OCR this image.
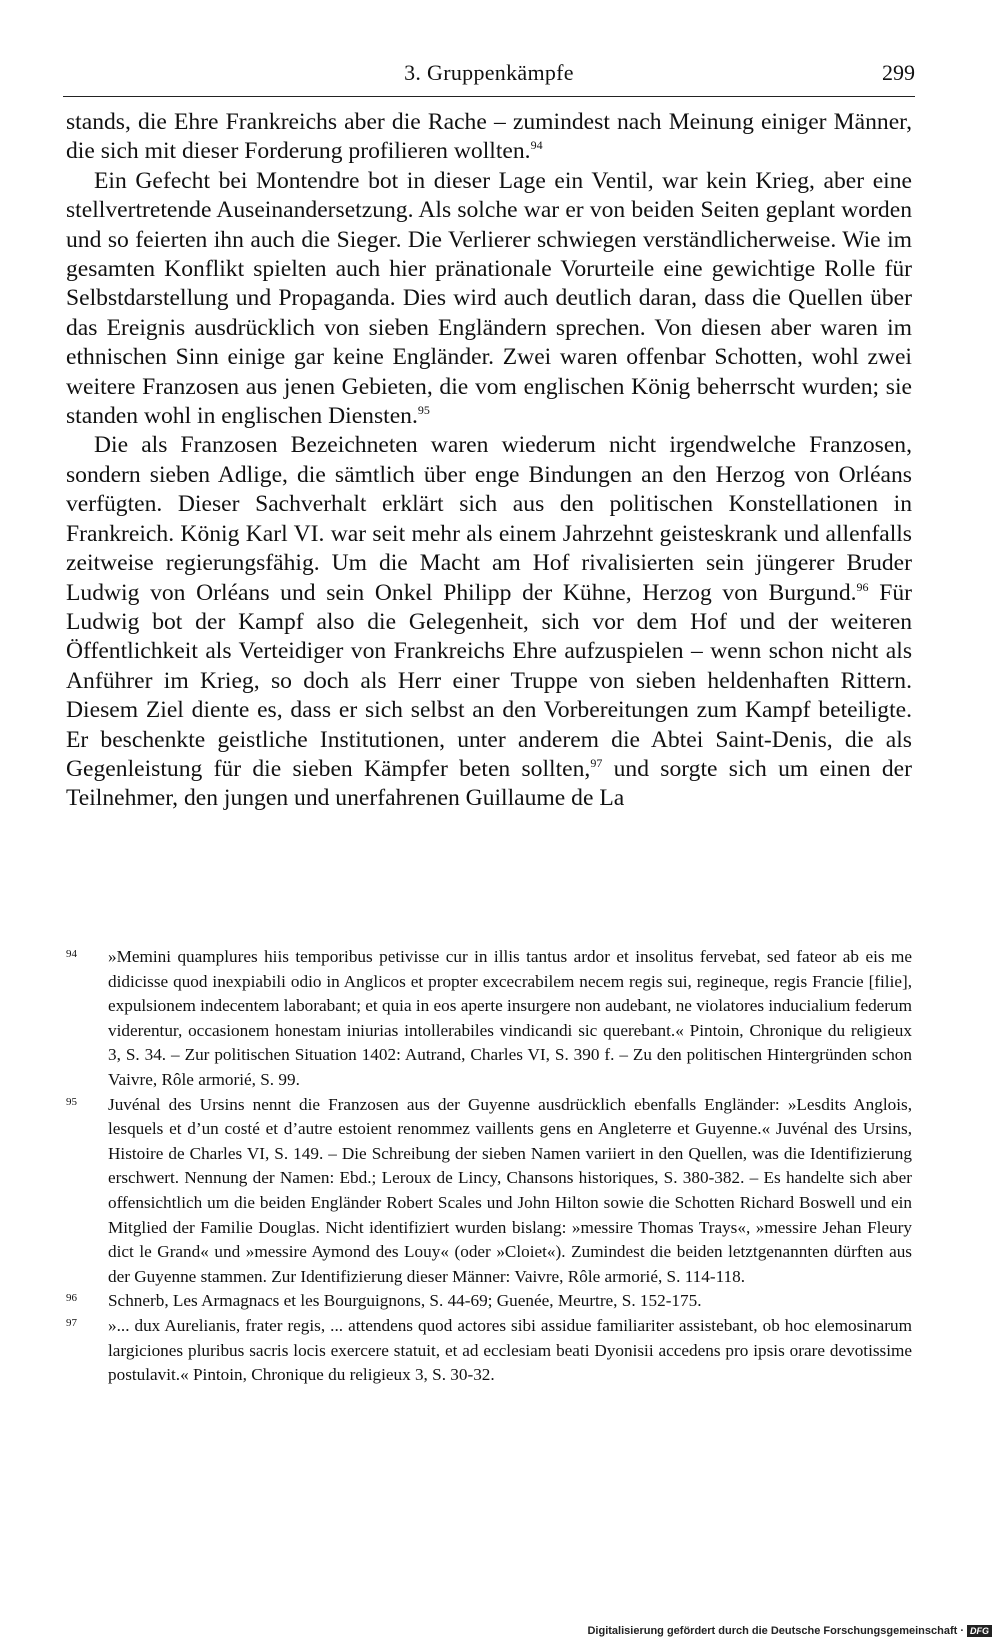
3. Gruppenkämpfe	299

stands, die Ehre Frankreichs aber die Rache – zumindest nach Meinung einiger Männer, die sich mit dieser Forderung profilieren wollten.$^{94}$

Ein Gefecht bei Montendre bot in dieser Lage ein Ventil, war kein Krieg, aber eine stellvertretende Auseinandersetzung. Als solche war er von beiden Seiten geplant worden und so feierten ihn auch die Sieger. Die Verlierer schwiegen verständlicherweise. Wie im gesamten Konflikt spielten auch hier pränationale Vorurteile eine gewichtige Rolle für Selbstdarstellung und Propaganda. Dies wird auch deutlich daran, dass die Quellen über das Ereignis ausdrücklich von sieben Engländern sprechen. Von diesen aber waren im ethnischen Sinn einige gar keine Engländer. Zwei waren offenbar Schotten, wohl zwei weitere Franzosen aus jenen Gebieten, die vom englischen König beherrscht wurden; sie standen wohl in englischen Diensten.$^{95}$

Die als Franzosen Bezeichneten waren wiederum nicht irgendwelche Franzosen, sondern sieben Adlige, die sämtlich über enge Bindungen an den Herzog von Orléans verfügten. Dieser Sachverhalt erklärt sich aus den politischen Konstellationen in Frankreich. König Karl VI. war seit mehr als einem Jahrzehnt geisteskrank und allenfalls zeitweise regierungsfähig. Um die Macht am Hof rivalisierten sein jüngerer Bruder Ludwig von Orléans und sein Onkel Philipp der Kühne, Herzog von Burgund.$^{96}$ Für Ludwig bot der Kampf also die Gelegenheit, sich vor dem Hof und der weiteren Öffentlichkeit als Verteidiger von Frankreichs Ehre aufzuspielen – wenn schon nicht als Anführer im Krieg, so doch als Herr einer Truppe von sieben heldenhaften Rittern. Diesem Ziel diente es, dass er sich selbst an den Vorbereitungen zum Kampf beteiligte. Er beschenkte geistliche Institutionen, unter anderem die Abtei Saint-Denis, die als Gegenleistung für die sieben Kämpfer beten sollten,$^{97}$ und sorgte sich um einen der Teilnehmer, den jungen und unerfahrenen Guillaume de La

94 »Memini quamplures hiis temporibus petivisse cur in illis tantus ardor et insolitus fervebat, sed fateor ab eis me didicisse quod inexpiabili odio in Anglicos et propter excecrabilem necem regis sui, regineque, regis Francie [filie], expulsionem indecentem laborabant; et quia in eos aperte insurgere non audebant, ne violatores inducialium federum viderentur, occasionem honestam iniurias intollerabiles vindicandi sic querebant.« Pintoin, Chronique du religieux 3, S. 34. – Zur politischen Situation 1402: Autrand, Charles VI, S. 390 f. – Zu den politischen Hintergründen schon Vaivre, Rôle armorié, S. 99.
95 Juvénal des Ursins nennt die Franzosen aus der Guyenne ausdrücklich ebenfalls Engländer: »Lesdits Anglois, lesquels et d’un costé et d’autre estoient renommez vaillents gens en Angleterre et Guyenne.« Juvénal des Ursins, Histoire de Charles VI, S. 149. – Die Schreibung der sieben Namen variiert in den Quellen, was die Identifizierung erschwert. Nennung der Namen: Ebd.; Leroux de Lincy, Chansons historiques, S. 380-382. – Es handelte sich aber offensichtlich um die beiden Engländer Robert Scales und John Hilton sowie die Schotten Richard Boswell und ein Mitglied der Familie Douglas. Nicht identifiziert wurden bislang: »messire Thomas Trays«, »messire Jehan Fleury dict le Grand« und »messire Aymond des Louy« (oder »Cloiet«). Zumindest die beiden letztgenannten dürften aus der Guyenne stammen. Zur Identifizierung dieser Männer: Vaivre, Rôle armorié, S. 114-118.
96 Schnerb, Les Armagnacs et les Bourguignons, S. 44-69; Guenée, Meurtre, S. 152-175.
97 »... dux Aurelianis, frater regis, ... attendens quod actores sibi assidue familiariter assistebant, ob hoc elemosinarum largiciones pluribus sacris locis exercere statuit, et ad ecclesiam beati Dyonisii accedens pro ipsis orare devotissime postulavit.« Pintoin, Chronique du religieux 3, S. 30-32.
Digitalisierung gefördert durch die Deutsche Forschungsgemeinschaft · DFG
